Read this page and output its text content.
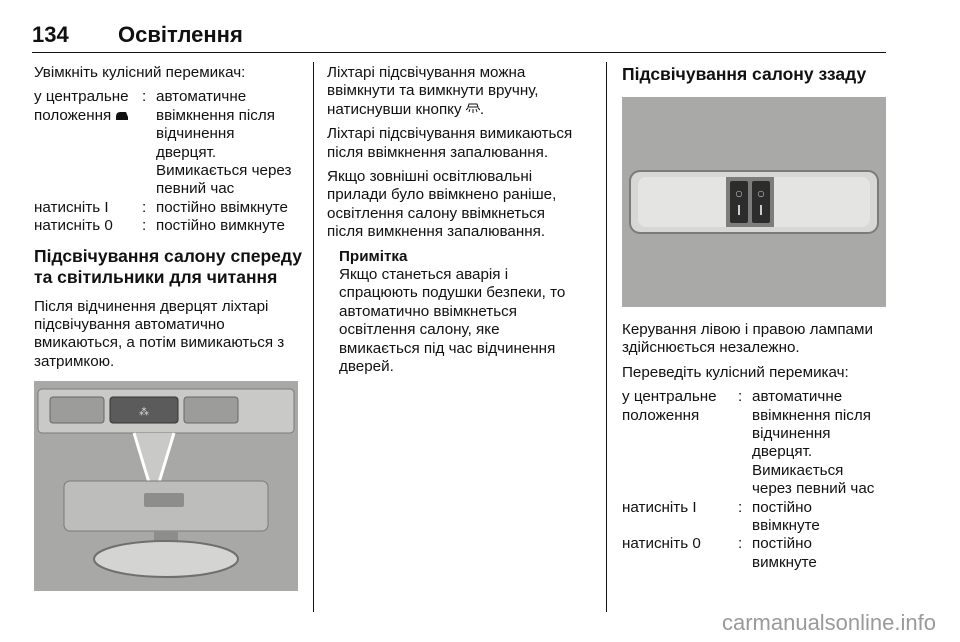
134 Освітлення

Увімкніть кулісний перемикач:

у центральне
положення
: автоматичне
ввімкнення після
відчинення
дверцят.
Вимикається через
певний час
натисніть I	: постійно ввімкнуте
натисніть 0	: постійно вимкнуте
Підсвічування салону спереду
та світильники для читання

Після відчинення дверцят ліхтарі
підсвічування автоматично
вмикаються, а потім вимикаються з
затримкою.

⁂

Ліхтарі підсвічування можна
ввімкнути та вимкнути вручну,
натиснувши кнопку .

Ліхтарі підсвічування вимикаються
після ввімкнення запалювання.

Якщо зовнішні освітлювальні
прилади було ввімкнено раніше,
освітлення салону ввімкнеться
після вимкнення запалювання.

Примітка
Якщо станеться аварія і
спрацюють подушки безпеки, то
автоматично ввімкнеться
освітлення салону, яке
вмикається під час відчинення
дверей.
Підсвічування салону ззаду
○ ○

Керування лівою і правою лампами
здійснюється незалежно.

Переведіть кулісний перемикач:

у центральне
положення
: автоматичне
ввімкнення після
відчинення
дверцят.
Вимикається
через певний час
натисніть I	: постійно
ввімкнуте
натисніть 0	: постійно
вимкнуте
carmanualsonline.info
